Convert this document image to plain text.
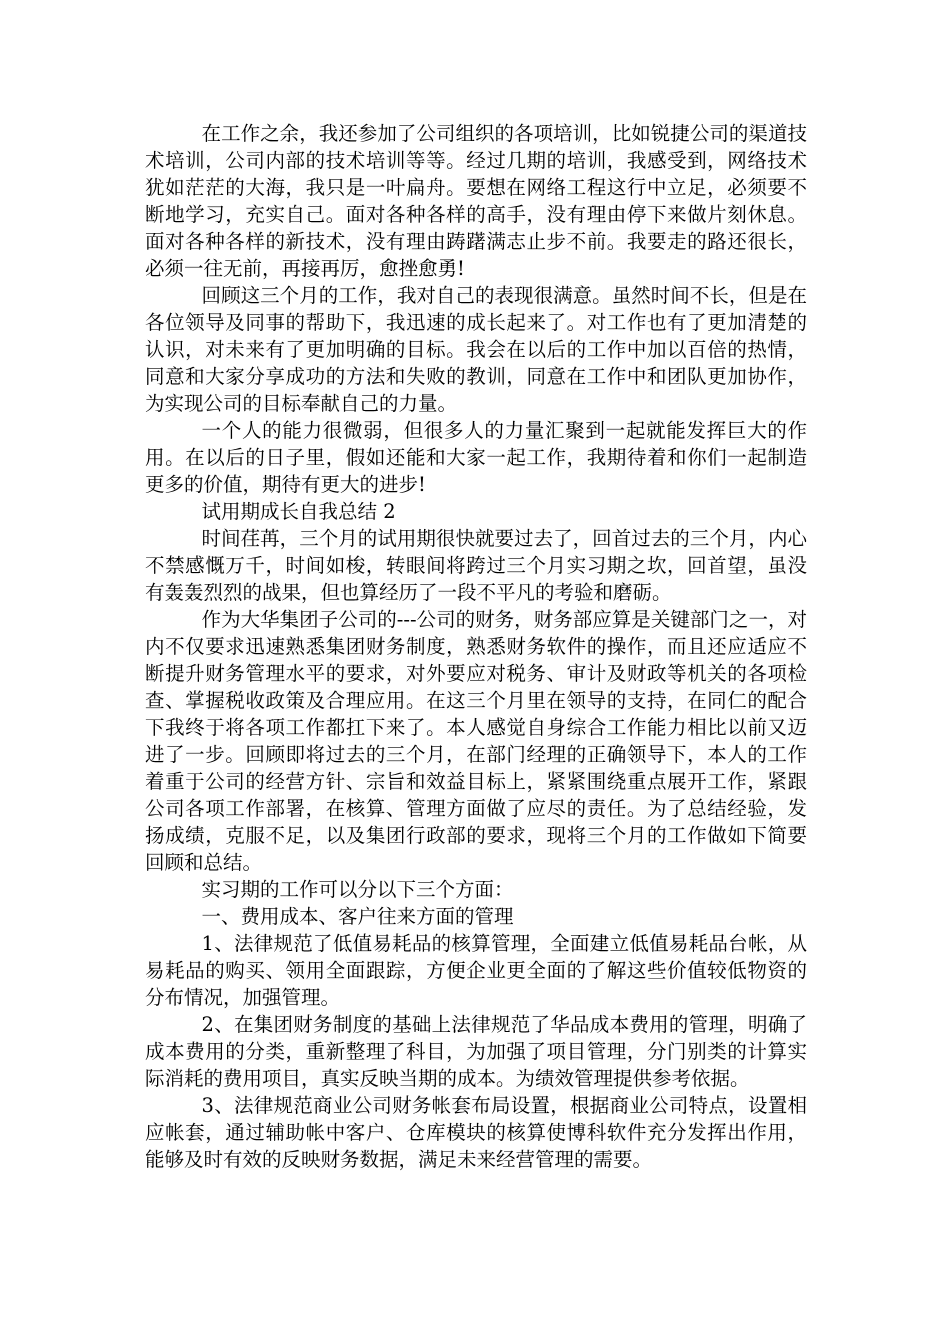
在工作之余，我还参加了公司组织的各项培训，比如锐捷公司的渠道技术培训，公司内部的技术培训等等。经过几期的培训，我感受到，网络技术犹如茫茫的大海，我只是一叶扁舟。要想在网络工程这行中立足，必须要不断地学习，充实自己。面对各种各样的高手，没有理由停下来做片刻休息。面对各种各样的新技术，没有理由踌躇满志止步不前。我要走的路还很长，必须一往无前，再接再厉，愈挫愈勇!

回顾这三个月的工作，我对自己的表现很满意。虽然时间不长，但是在各位领导及同事的帮助下，我迅速的成长起来了。对工作也有了更加清楚的认识，对未来有了更加明确的目标。我会在以后的工作中加以百倍的热情，同意和大家分享成功的方法和失败的教训，同意在工作中和团队更加协作，为实现公司的目标奉献自己的力量。

一个人的能力很微弱，但很多人的力量汇聚到一起就能发挥巨大的作用。在以后的日子里，假如还能和大家一起工作，我期待着和你们一起制造更多的价值，期待有更大的进步!

试用期成长自我总结 2

时间荏苒，三个月的试用期很快就要过去了，回首过去的三个月，内心不禁感慨万千，时间如梭，转眼间将跨过三个月实习期之坎，回首望，虽没有轰轰烈烈的战果，但也算经历了一段不平凡的考验和磨砺。

作为大华集团子公司的---公司的财务，财务部应算是关键部门之一，对内不仅要求迅速熟悉集团财务制度，熟悉财务软件的操作，而且还应适应不断提升财务管理水平的要求，对外要应对税务、审计及财政等机关的各项检查、掌握税收政策及合理应用。在这三个月里在领导的支持，在同仁的配合下我终于将各项工作都扛下来了。本人感觉自身综合工作能力相比以前又迈进了一步。回顾即将过去的三个月，在部门经理的正确领导下，本人的工作着重于公司的经营方针、宗旨和效益目标上，紧紧围绕重点展开工作，紧跟公司各项工作部署，在核算、管理方面做了应尽的责任。为了总结经验，发扬成绩，克服不足，以及集团行政部的要求，现将三个月的工作做如下简要回顾和总结。

实习期的工作可以分以下三个方面：

一、费用成本、客户往来方面的管理

1、法律规范了低值易耗品的核算管理，全面建立低值易耗品台帐，从易耗品的购买、领用全面跟踪，方便企业更全面的了解这些价值较低物资的分布情况，加强管理。

2、在集团财务制度的基础上法律规范了华品成本费用的管理，明确了成本费用的分类，重新整理了科目，为加强了项目管理，分门别类的计算实际消耗的费用项目，真实反映当期的成本。为绩效管理提供参考依据。

3、法律规范商业公司财务帐套布局设置，根据商业公司特点，设置相应帐套，通过辅助帐中客户、仓库模块的核算使博科软件充分发挥出作用，能够及时有效的反映财务数据，满足未来经营管理的需要。
